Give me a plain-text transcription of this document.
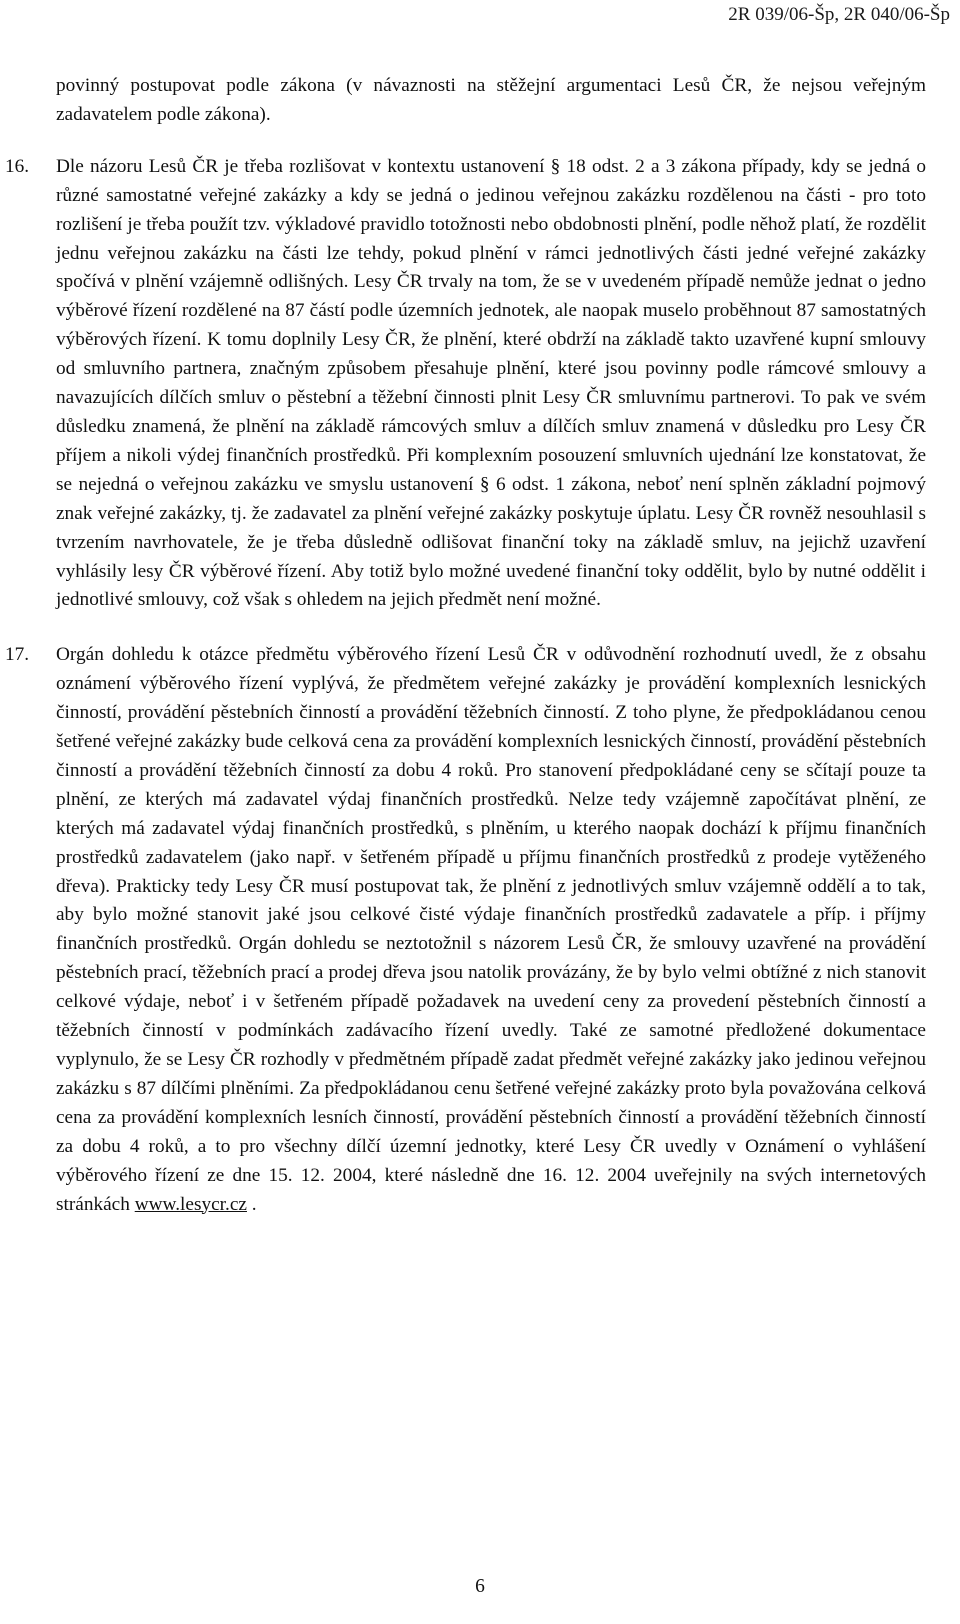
2R 039/06-Šp, 2R 040/06-Šp

povinný postupovat podle zákona (v návaznosti na stěžejní argumentaci Lesů ČR, že nejsou veřejným zadavatelem podle zákona).

16. Dle názoru Lesů ČR je třeba rozlišovat v kontextu ustanovení § 18 odst. 2 a 3 zákona případy, kdy se jedná o různé samostatné veřejné zakázky a kdy se jedná o jedinou veřejnou zakázku rozdělenou na části - pro toto rozlišení je třeba použít tzv. výkladové pravidlo totožnosti nebo obdobnosti plnění, podle něhož platí, že rozdělit jednu veřejnou zakázku na části lze tehdy, pokud plnění v rámci jednotlivých části jedné veřejné zakázky spočívá v plnění vzájemně odlišných. Lesy ČR trvaly na tom, že se v uvedeném případě nemůže jednat o jedno výběrové řízení rozdělené na 87 částí podle územních jednotek, ale naopak muselo proběhnout 87 samostatných výběrových řízení. K tomu doplnily Lesy ČR, že plnění, které obdrží na základě takto uzavřené kupní smlouvy od smluvního partnera, značným způsobem přesahuje plnění, které jsou povinny podle rámcové smlouvy a navazujících dílčích smluv o pěstební a těžební činnosti plnit Lesy ČR smluvnímu partnerovi. To pak ve svém důsledku znamená, že plnění na základě rámcových smluv a dílčích smluv znamená v důsledku pro Lesy ČR příjem a nikoli výdej finančních prostředků. Při komplexním posouzení smluvních ujednání lze konstatovat, že se nejedná o veřejnou zakázku ve smyslu ustanovení § 6 odst. 1 zákona, neboť není splněn základní pojmový znak veřejné zakázky, tj. že zadavatel za plnění veřejné zakázky poskytuje úplatu. Lesy ČR rovněž nesouhlasil s tvrzením navrhovatele, že je třeba důsledně odlišovat finanční toky na základě smluv, na jejichž uzavření vyhlásily lesy ČR výběrové řízení. Aby totiž bylo možné uvedené finanční toky oddělit, bylo by nutné oddělit i jednotlivé smlouvy, což však s ohledem na jejich předmět není možné.
17. Orgán dohledu k otázce předmětu výběrového řízení Lesů ČR v odůvodnění rozhodnutí uvedl, že z obsahu oznámení výběrového řízení vyplývá, že předmětem veřejné zakázky je provádění komplexních lesnických činností, provádění pěstebních činností a provádění těžebních činností. Z toho plyne, že předpokládanou cenou šetřené veřejné zakázky bude celková cena za provádění komplexních lesnických činností, provádění pěstebních činností a provádění těžebních činností za dobu 4 roků. Pro stanovení předpokládané ceny se sčítají pouze ta plnění, ze kterých má zadavatel výdaj finančních prostředků. Nelze tedy vzájemně započítávat plnění, ze kterých má zadavatel výdaj finančních prostředků, s plněním, u kterého naopak dochází k příjmu finančních prostředků zadavatelem (jako např. v šetřeném případě u příjmu finančních prostředků z prodeje vytěženého dřeva). Prakticky tedy Lesy ČR musí postupovat tak, že plnění z jednotlivých smluv vzájemně oddělí a to tak, aby bylo možné stanovit jaké jsou celkové čisté výdaje finančních prostředků zadavatele a příp. i příjmy finančních prostředků. Orgán dohledu se neztotožnil s názorem Lesů ČR, že smlouvy uzavřené na provádění pěstebních prací, těžebních prací a prodej dřeva jsou natolik provázány, že by bylo velmi obtížné z nich stanovit celkové výdaje, neboť i v šetřeném případě požadavek na uvedení ceny za provedení pěstebních činností a těžebních činností v podmínkách zadávacího řízení uvedly. Také ze samotné předložené dokumentace vyplynulo, že se Lesy ČR rozhodly v předmětném případě zadat předmět veřejné zakázky jako jedinou veřejnou zakázku s 87 dílčími plněními. Za předpokládanou cenu šetřené veřejné zakázky proto byla považována celková cena za provádění komplexních lesních činností, provádění pěstebních činností a provádění těžebních činností za dobu 4 roků, a to pro všechny dílčí územní jednotky, které Lesy ČR uvedly v Oznámení o vyhlášení výběrového řízení ze dne 15. 12. 2004, které následně dne 16. 12. 2004 uveřejnily na svých internetových stránkách www.lesycr.cz .
6
